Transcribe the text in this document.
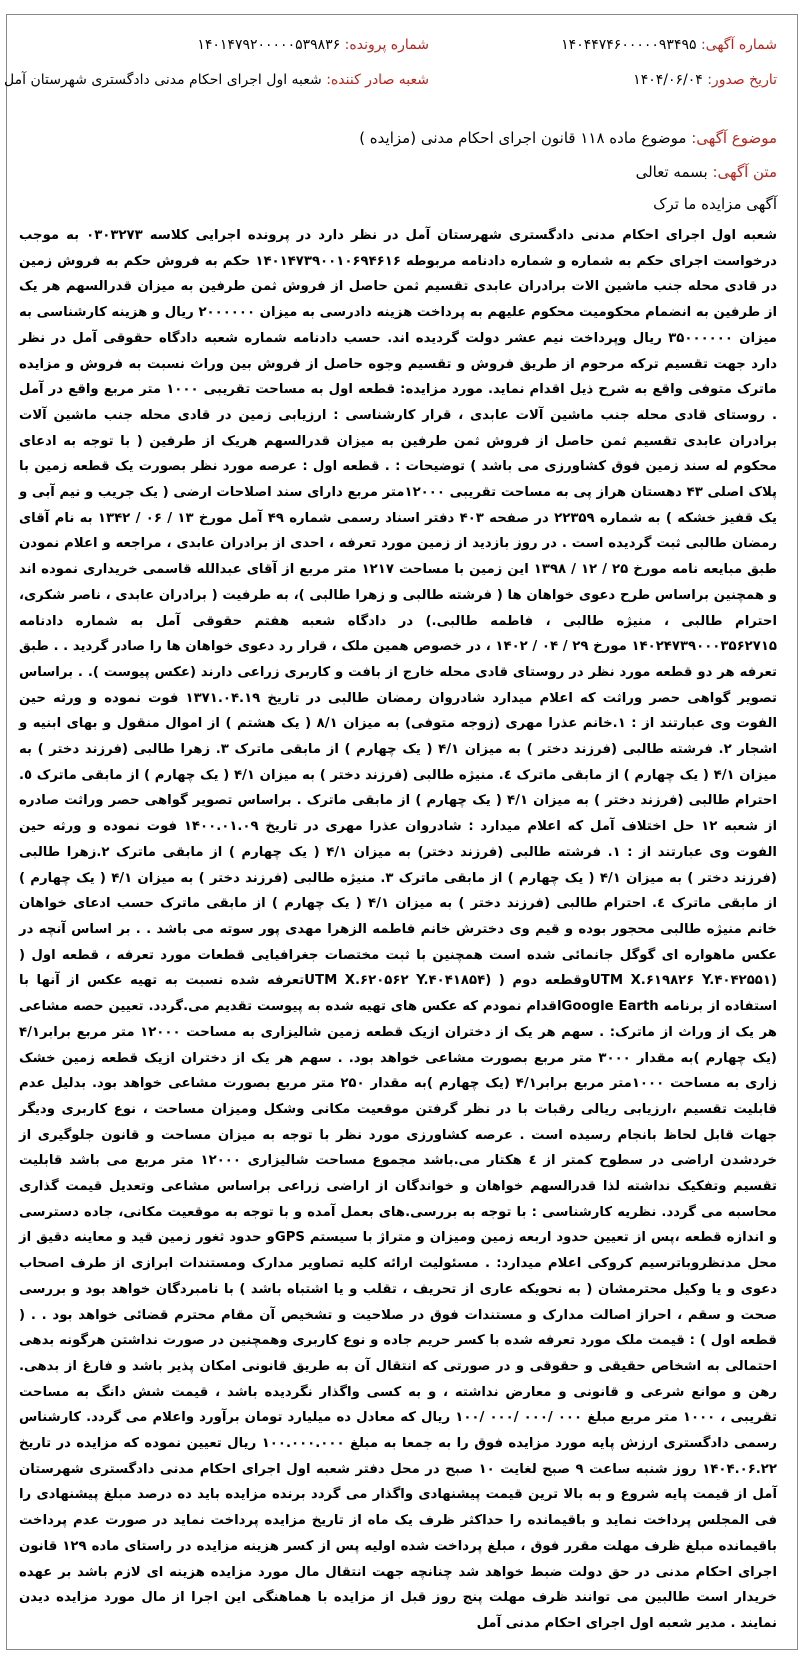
شماره آگهی: ۱۴۰۴۴۷۴۶۰۰۰۰۰۹۳۴۹۵
شماره پرونده: ۱۴۰۱۴۷۹۲۰۰۰۰۰۵۳۹۸۳۶
تاریخ صدور: ۱۴۰۴/۰۶/۰۴
شعبه صادر کننده: شعبه اول اجرای احکام مدنی دادگستری شهرستان آمل
موضوع آگهی: موضوع ماده ۱۱۸ قانون اجرای احکام مدنی (مزایده )
متن آگهی: بسمه تعالی
آگهی مزایده ما ترک

شعبه اول اجرای احکام مدنی دادگستری شهرستان آمل در نظر دارد در پرونده اجرایی کلاسه ۰۳۰۳۲۷۳ به موجب درخواست اجرای حکم به شماره و شماره دادنامه مربوطه ۱۴۰۱۴۷۳۹۰۰۱۰۶۹۴۶۱۶ حکم به فروش حکم به فروش زمین در قادی محله جنب ماشین الات برادران عابدی تقسیم ثمن حاصل از فروش ثمن طرفین به میزان قدرالسهم هر یک از طرفین به انضمام محکومیت محکوم علیهم به پرداخت هزینه دادرسی به میزان ۲۰۰۰۰۰۰ ریال و هزینه کارشناسی به میزان ۳۵۰۰۰۰۰۰ ریال وپرداخت نیم عشر دولت گردیده اند. حسب دادنامه شماره شعبه دادگاه حقوقی آمل در نظر دارد جهت تقسیم ترکه مرحوم از طریق فروش و تقسیم وجوه حاصل از فروش بین وراث نسبت به فروش و مزایده ماترک متوفی واقع به شرح ذیل اقدام نماید. مورد مزایده: قطعه اول به مساحت تقریبی ۱۰۰۰ متر مربع واقع در آمل . روستای قادی محله جنب ماشین آلات عابدی ، قرار کارشناسی : ارزیابی زمین در قادی محله جنب ماشین آلات برادران عابدی تقسیم ثمن حاصل از فروش ثمن طرفین به میزان قدرالسهم هریک از طرفین ( با توجه به ادعای محکوم له سند زمین فوق کشاورزی می باشد ) توضیحات : . قطعه اول : عرصه مورد نظر بصورت یک قطعه زمین با پلاک اصلی ۴۳ دهستان هراز پی به مساحت تقریبی ۱۲۰۰۰متر مربع دارای سند اصلاحات ارضی ( یک جریب و نیم آبی و یک قفیز خشکه ) به شماره ۲۲۳۵۹ در صفحه ۴۰۳ دفتر اسناد رسمی شماره ۴۹ آمل مورخ ۱۳ / ۰۶ / ۱۳۴۲ به نام آقای رمضان طالبی ثبت گردیده است . در روز بازدید از زمین مورد تعرفه ، احدی از برادران عابدی ، مراجعه و اعلام نمودن طبق مبایعه نامه مورخ ۲۵ / ۱۲ / ۱۳۹۸ این زمین با مساحت ۱۲۱۷ متر مربع از آقای عبدالله قاسمی خریداری نموده اند و همچنین براساس طرح دعوی خواهان ها ( فرشته طالبی و زهرا طالبی )، به طرفیت ( برادران عابدی ، ناصر شکری، احترام طالبی ، منیژه طالبی ، فاطمه طالبی.) در دادگاه شعبه هفتم حقوقی آمل به شماره دادنامه ۱۴۰۲۴۷۳۹۰۰۰۳۵۶۲۷۱۵ مورخ ۲۹ / ۰۴ / ۱۴۰۲ ، در خصوص همین ملک ، قرار رد دعوی خواهان ها را صادر گردید . . طبق تعرفه هر دو قطعه مورد نظر در روستای قادی محله خارج از بافت و کاربری زراعی دارند (عکس پیوست ). . براساس تصویر گواهی حصر وراثت که اعلام میدارد شادروان رمضان طالبی در تاریخ ۱۳۷۱.۰۴.۱۹ فوت نموده و ورثه حین الفوت وی عبارتند از : ۱.خانم عذرا مهری (زوجه متوفی) به میزان ۸/۱ ( یک هشتم ) از اموال منقول و بهای ابنیه و اشجار ۲. فرشته طالبی (فرزند دختر ) به میزان ۴/۱ ( یک چهارم ) از مابقی ماترک ۳. زهرا طالبی (فرزند دختر ) به میزان ۴/۱ ( یک چهارم ) از مابقی ماترک ٤. منیژه طالبی (فرزند دختر ) به میزان ۴/۱ ( یک چهارم ) از مابقی ماترک ٥. احترام طالبی (فرزند دختر ) به میزان ۴/۱ ( یک چهارم ) از مابقی ماترک . براساس تصویر گواهی حصر وراثت صادره از شعبه ۱۲ حل اختلاف آمل که اعلام میدارد : شادروان عذرا مهری در تاریخ ۱۴۰۰.۰۱.۰۹ فوت نموده و ورثه حین الفوت وی عبارتند از : ۱. فرشته طالبی (فرزند دختر) به میزان ۴/۱ ( یک چهارم ) از مابقی ماترک ۲.زهرا طالبی (فرزند دختر ) به میزان ۴/۱ ( یک چهارم ) از مابقی ماترک ۳. منیژه طالبی (فرزند دختر ) به میزان ۴/۱ ( یک چهارم ) از مابقی ماترک ٤. احترام طالبی (فرزند دختر ) به میزان ۴/۱ ( یک چهارم ) از مابقی ماترک حسب ادعای خواهان خانم منیژه طالبی محجور بوده و قیم وی دخترش خانم فاطمه الزهرا مهدی پور سوته می باشد . . بر اساس آنچه در عکس ماهواره ای گوگل جانمائی شده است همچنین با ثبت مختصات جغرافیایی قطعات مورد تعرفه ، قطعه اول ( (UTM X.۶۱۹۸۲۶ Y.۴۰۴۲۵۵۱وقطعه دوم ( (UTM X.۶۲۰۵۶۲ Y.۴۰۴۱۸۵۴تعرفه شده نسبت به تهیه عکس از آنها با استفاده از برنامه Google Earthاقدام نمودم که عکس های تهیه شده به پیوست تقدیم می.گردد. تعیین حصه مشاعی هر یک از وراث از ماترک: . سهم هر یک از دختران ازیک قطعه زمین شالیزاری به مساحت ۱۲۰۰۰ متر مربع برابر۴/۱ (یک چهارم )به مقدار ۳۰۰۰ متر مربع بصورت مشاعی خواهد بود. . سهم هر یک از دختران ازیک قطعه زمین خشک زاری به مساحت ۱۰۰۰متر مربع برابر۴/۱ (یک چهارم )به مقدار ۲۵۰ متر مربع بصورت مشاعی خواهد بود. بدلیل عدم قابلیت تقسیم ،ارزیابی ریالی رقبات با در نظر گرفتن موقعیت مکانی وشکل ومیزان مساحت ، نوع کاربری ودیگر جهات قابل لحاظ بانجام رسیده است . عرصه کشاورزی مورد نظر با توجه به میزان مساحت و قانون جلوگیری از خردشدن اراضی در سطوح کمتر از ٤ هکتار می.باشد مجموع مساحت شالیزاری ۱۲۰۰۰ متر مربع می باشد قابلیت تقسیم وتفکیک نداشته لذا قدرالسهم خواهان و خواندگان از اراضی زراعی براساس مشاعی وتعدیل قیمت گذاری محاسبه می گردد. نظریه کارشناسی : با توجه به بررسی.های بعمل آمده و با توجه به موقعیت مکانی، جاده دسترسی و اندازه قطعه ،پس از تعیین حدود اربعه زمین ومیزان و متراژ با سیستم GPSو حدود ثغور زمین قید و معاینه دقیق از محل مدنظروباترسیم کروکی اعلام میدارد: . مسئولیت ارائه کلیه تصاویر مدارک ومستندات ابرازی از طرف اصحاب دعوی و یا وکیل محترمشان ( به نحویکه عاری از تحریف ، تقلب و یا اشتباه باشد ) با نامبردگان خواهد بود و بررسی صحت و سقم ، احراز اصالت مدارک و مستندات فوق در صلاحیت و تشخیص آن مقام محترم قضائی خواهد بود . . ( قطعه اول ) : قیمت ملک مورد تعرفه شده با کسر حریم جاده و نوع کاربری وهمچنین در صورت نداشتن هرگونه بدهی احتمالی به اشخاص حقیقی و حقوقی و در صورتی که انتقال آن به طریق قانونی امکان پذیر باشد و فارغ از بدهی. رهن و موانع شرعی و قانونی و معارض نداشته ، و به کسی واگذار نگردیده باشد ، قیمت شش دانگ به مساحت تقریبی ، ۱۰۰۰ متر مربع مبلغ ۰۰۰ /۰۰۰ /۰۰۰ /۱۰۰ ریال که معادل ده میلیارد تومان برآورد واعلام می گردد. کارشناس رسمی دادگستری ارزش پایه مورد مزایده فوق را به جمعا به مبلغ ۱۰۰.۰۰۰.۰۰۰ ریال تعیین نموده که مزایده در تاریخ ۱۴۰۴.۰۶.۲۲ روز شنبه ساعت ۹ صبح لغایت ۱۰ صبح در محل دفتر شعبه اول اجرای احکام مدنی دادگستری شهرستان آمل از قیمت پایه شروع و به بالا ترین قیمت پیشنهادی واگذار می گردد برنده مزایده باید ده درصد مبلغ پیشنهادی را فی المجلس پرداخت نماید و باقیمانده را حداکثر ظرف یک ماه از تاریخ مزایده پرداخت نماید در صورت عدم پرداخت باقیمانده مبلغ ظرف مهلت مقرر فوق ، مبلغ پرداخت شده اولیه پس از کسر هزینه مزایده در راستای ماده ۱۲۹ قانون اجرای احکام مدنی در حق دولت ضبط خواهد شد چنانچه جهت انتقال مال مورد مزایده هزینه ای لازم باشد بر عهده خریدار است طالبین می توانند ظرف مهلت پنج روز قبل از مزایده با هماهنگی این اجرا از مال مورد مزایده دیدن نمایند . مدیر شعبه اول اجرای احکام مدنی آمل
